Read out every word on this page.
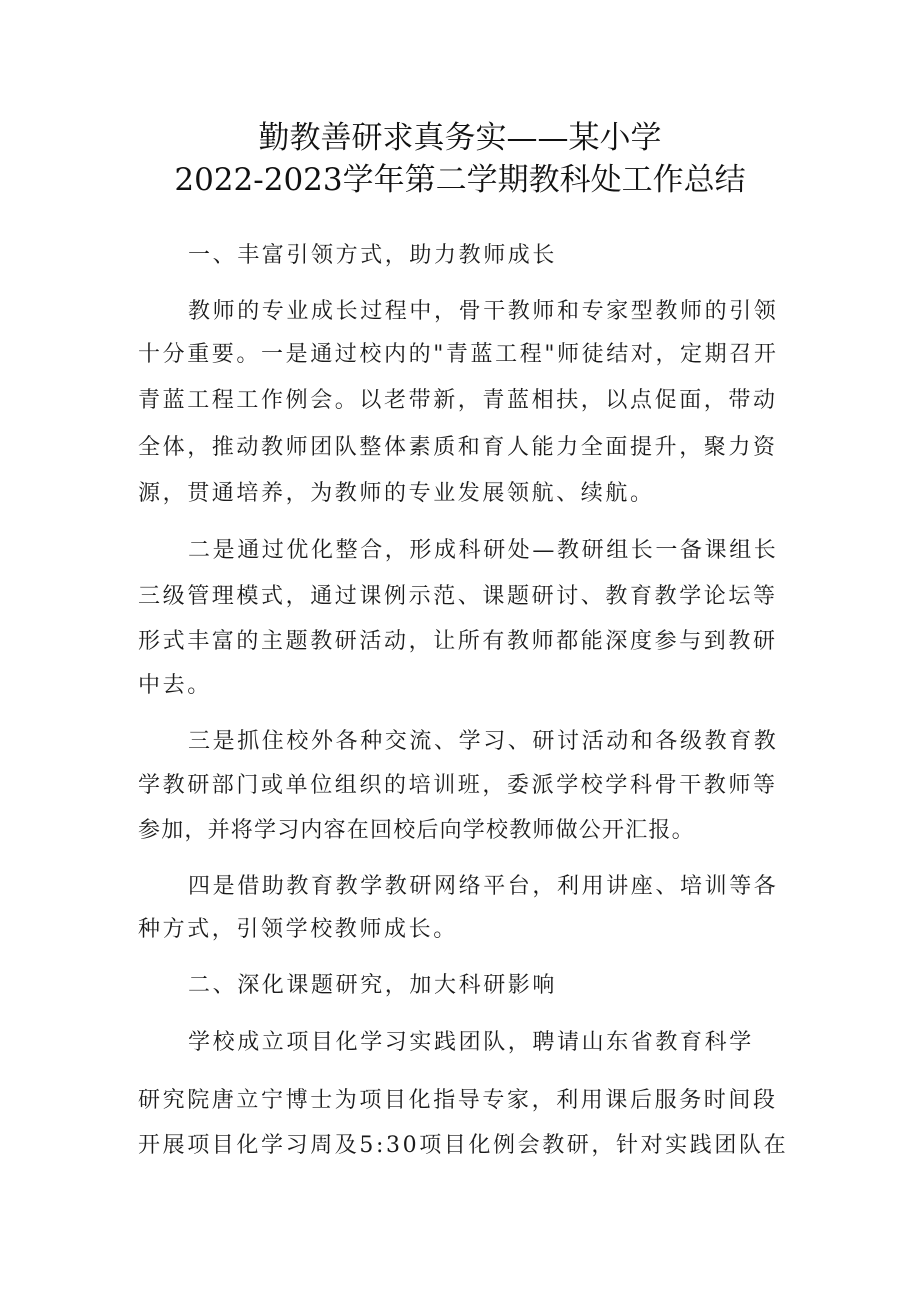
勤教善研求真务实——某小学
2022-2023学年第二学期教科处工作总结
一、丰富引领方式，助力教师成长
教师的专业成长过程中，骨干教师和专家型教师的引领
十分重要。一是通过校内的"青蓝工程"师徒结对，定期召开
青蓝工程工作例会。以老带新，青蓝相扶，以点促面，带动
全体，推动教师团队整体素质和育人能力全面提升，聚力资
源，贯通培养，为教师的专业发展领航、续航。
二是通过优化整合，形成科研处—教研组长一备课组长
三级管理模式，通过课例示范、课题研讨、教育教学论坛等
形式丰富的主题教研活动，让所有教师都能深度参与到教研
中去。
三是抓住校外各种交流、学习、研讨活动和各级教育教
学教研部门或单位组织的培训班，委派学校学科骨干教师等
参加，并将学习内容在回校后向学校教师做公开汇报。
四是借助教育教学教研网络平台，利用讲座、培训等各
种方式，引领学校教师成长。
二、深化课题研究，加大科研影响
学校成立项目化学习实践团队，聘请山东省教育科学
研究院唐立宁博士为项目化指导专家，利用课后服务时间段
开展项目化学习周及5:30项目化例会教研，针对实践团队在
